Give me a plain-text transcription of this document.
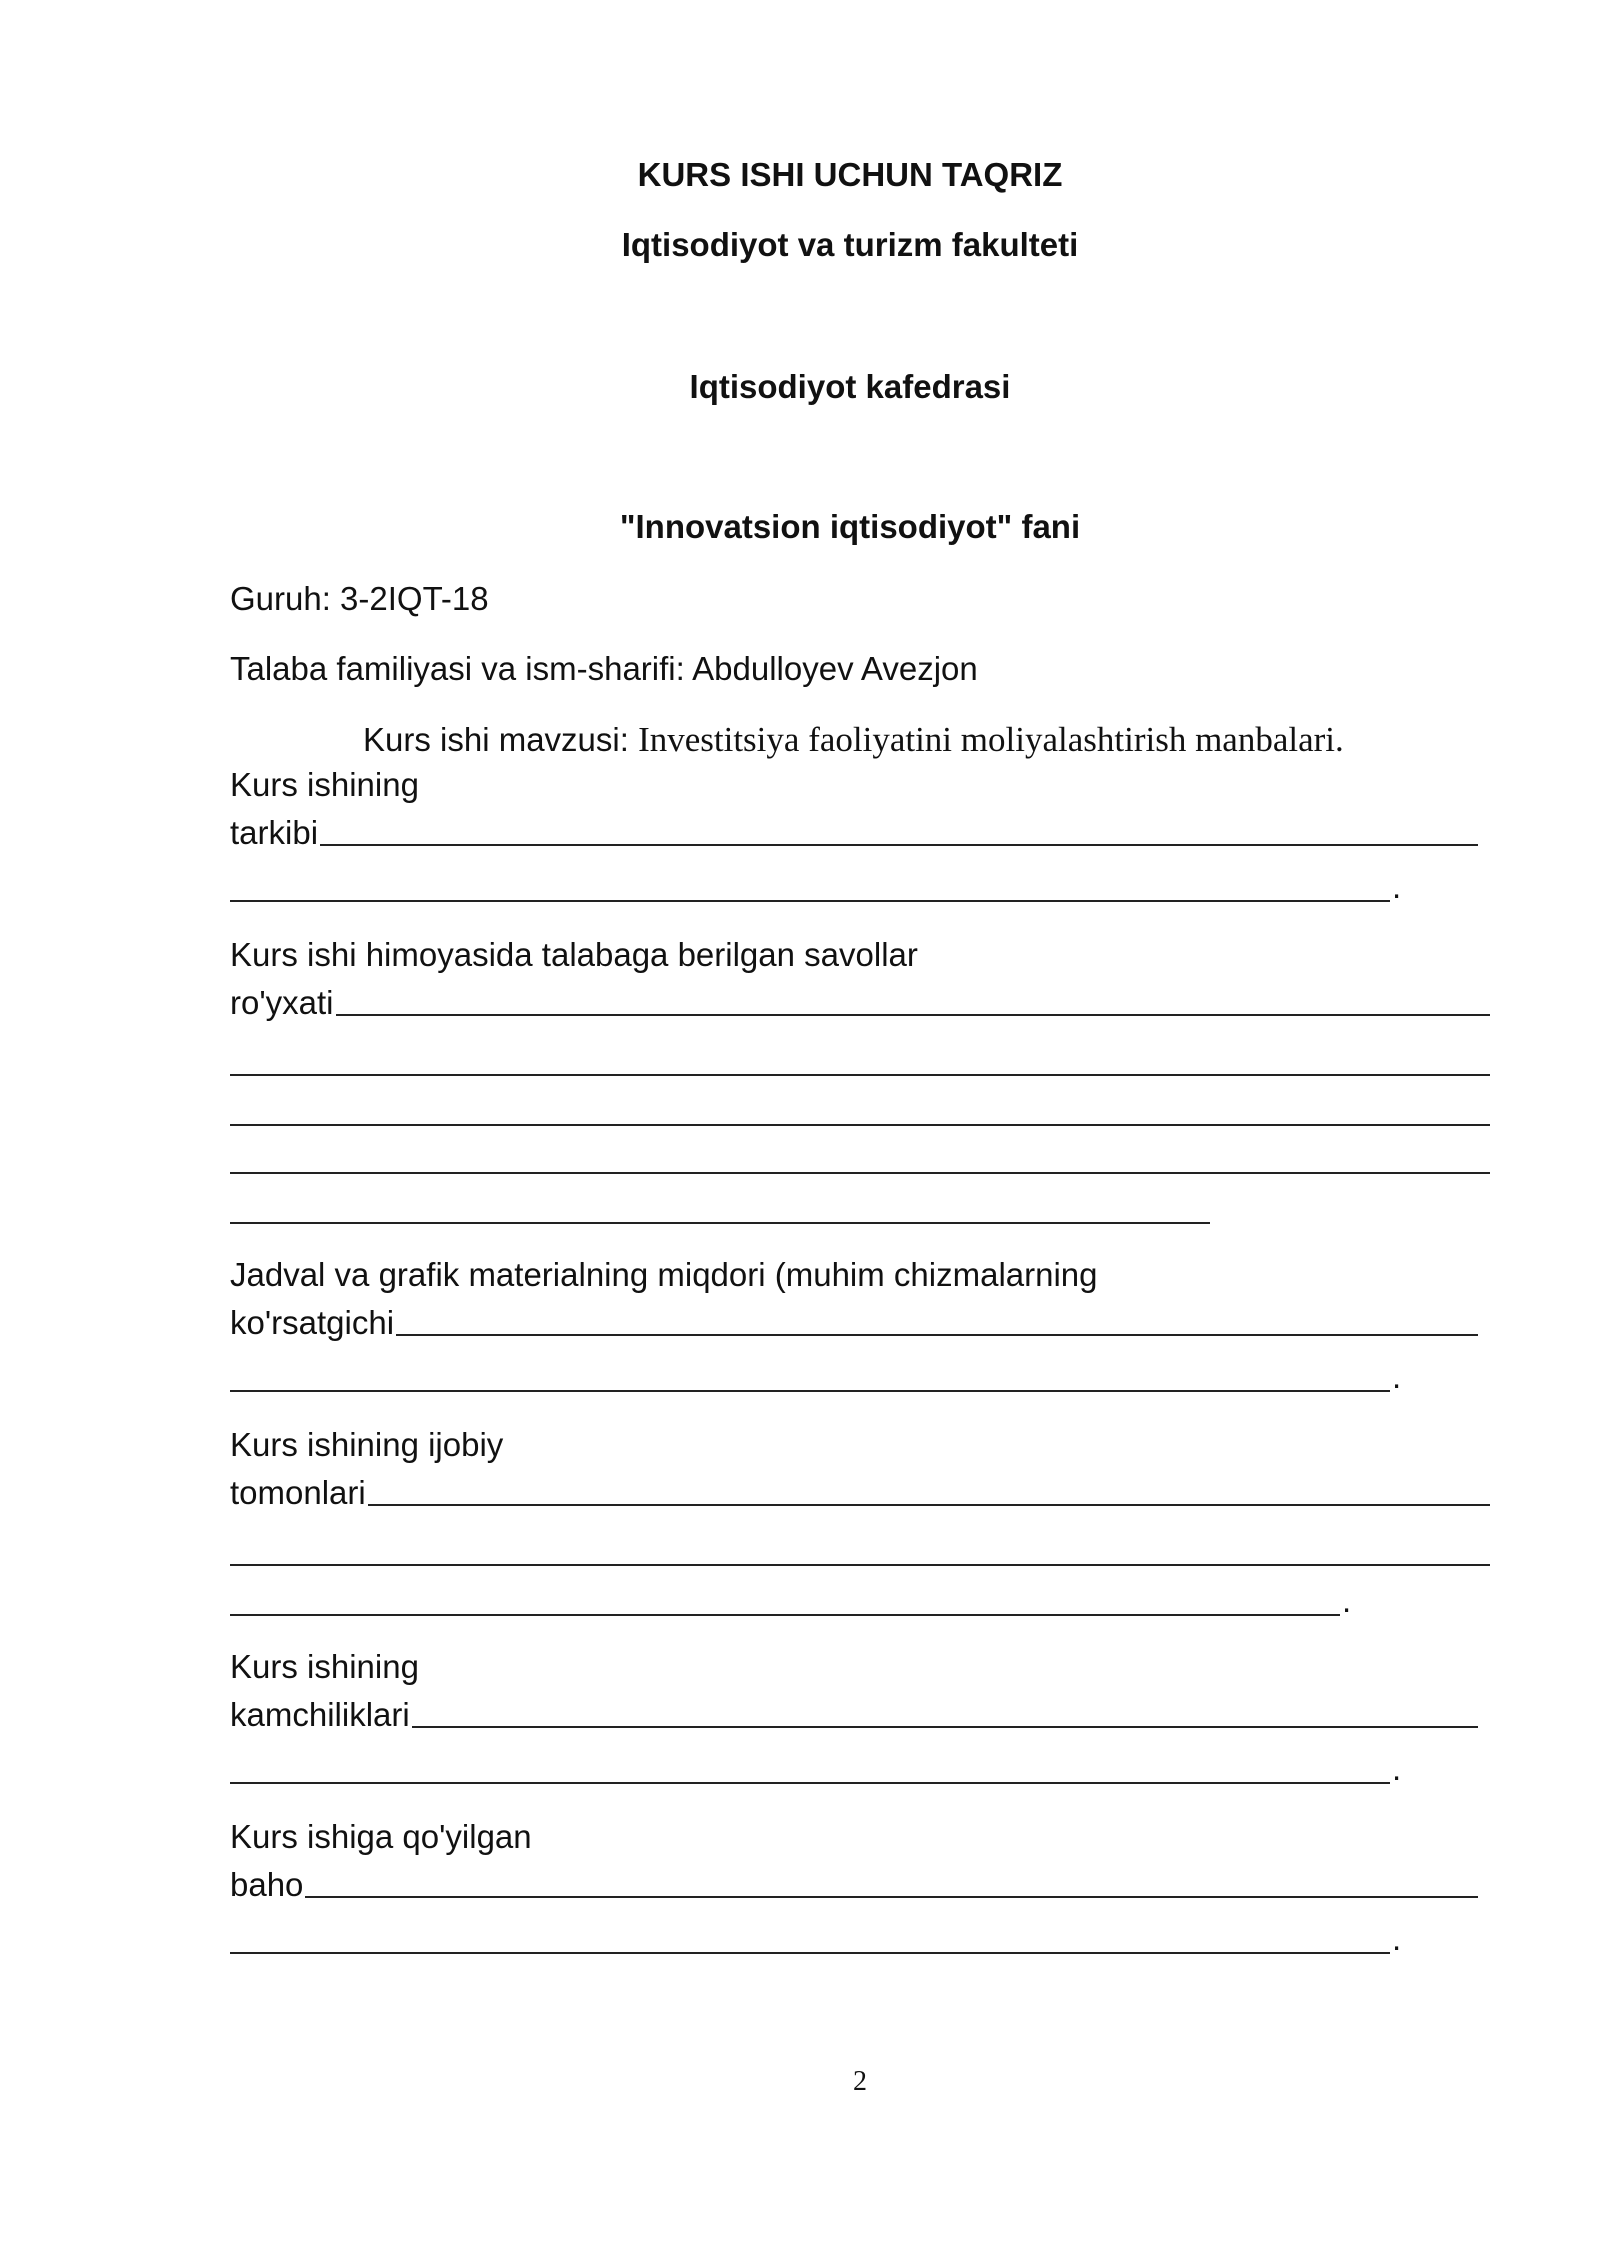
KURS ISHI UCHUN TAQRIZ
Iqtisodiyot va turizm fakulteti
Iqtisodiyot kafedrasi
"Innovatsion iqtisodiyot" fani
Guruh: 3-2IQT-18
Talaba familiyasi va ism-sharifi: Abdulloyev Avezjon
Kurs ishi mavzusi: Investitsiya faoliyatini moliyalashtirish manbalari.
Kurs ishining
tarkibi
.
Kurs ishi himoyasida talabaga berilgan savollar
ro'yxati
Jadval va grafik materialning miqdori (muhim chizmalarning
ko'rsatgichi
.
Kurs ishining ijobiy
tomonlari
.
Kurs ishining
kamchiliklari
.
Kurs ishiga qo'yilgan
baho
.
2
